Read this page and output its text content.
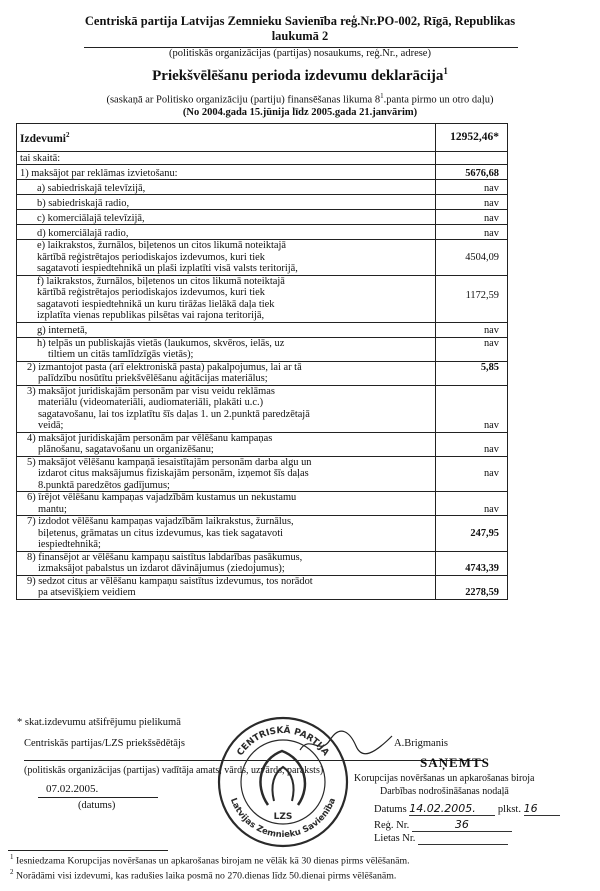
Centriskā partija Latvijas Zemnieku Savienība reģ.Nr.PO-002, Rīgā, Republikas
laukumā 2
(politiskās organizācijas (partijas) nosaukums, reģ.Nr., adrese)
Priekšvēlēšanu perioda izdevumu deklarācija$^1$
(saskaņā ar Politisko organizāciju (partiju) finansēšanas likuma $8^1.panta$ pirmo un otro daļu)
(No 2004.gada 15.jūnija līdz 2005.gada 21.janvārim)
Izdevumi$^2$	12952,46*
tai skaitā:	
1) maksājot par reklāmas izvietošanu:	5676,68
a) sabiedriskajā televīzijā,	nav
b) sabiedriskajā radio,	nav
c) komerciālajā televīzijā,	nav
d) komerciālajā radio,	nav

e) laikrakstos, žurnālos, biļetenos un citos likumā noteiktajā
kārtībā reģistrētajos periodiskajos izdevumos, kuri tiek
sagatavoti iespiedtehnikā un plaši izplatīti visā valsts teritorijā,	4504,09

f) laikrakstos, žurnālos, biļetenos un citos likumā noteiktajā
kārtībā reģistrētajos periodiskajos izdevumos, kuri tiek
sagatavoti iespiedtehnikā un kuru tirāžas lielākā daļa tiek
izplatīta vienas republikas pilsētas vai rajona teritorijā,	1172,59
g) internetā,	nav

h) telpās un publiskajās vietās (laukumos, skvēros, ielās, uz
tiltiem un citās tamlīdzīgās vietās);	nav

2) izmantojot pasta (arī elektroniskā pasta) pakalpojumus, lai ar tā
palīdzību nosūtītu priekšvēlēšanu aģitācijas materiālus;	5,85

3) maksājot juridiskajām personām par visu veidu reklāmas
materiālu (videomateriāli, audiomateriāli, plakāti u.c.)
sagatavošanu, lai tos izplatītu šīs daļas 1. un 2.punktā paredzētajā
veidā;	nav

4) maksājot juridiskajām personām par vēlēšanu kampaņas
plānošanu, sagatavošanu un organizēšanu;	nav

5) maksājot vēlēšanu kampaņā iesaistītajām personām darba algu un
izdarot citus maksājumus fiziskajām personām, izņemot šīs daļas
8.punktā paredzētos gadījumus;	nav

6) īrējot vēlēšanu kampaņas vajadzībām kustamus un nekustamu
mantu;	nav

7) izdodot vēlēšanu kampaņas vajadzībām laikrakstus, žurnālus,
biļetenus, grāmatas un citus izdevumus, kas tiek sagatavoti
iespiedtehnikā;	247,95

8) finansējot ar vēlēšanu kampaņu saistītus labdarības pasākumus,
izmaksājot pabalstus un izdarot dāvinājumus (ziedojumus);	4743,39

9) sedzot citus ar vēlēšanu kampaņu saistītus izdevumus, tos norādot
pa atsevišķiem veidiem	2278,59
* skat.izdevumu atšifrējumu pielikumā
Centriskās partijas/LZS priekšsēdētājs	A.Brigmanis
(politiskās organizācijas (partijas) vadītāja amats, vārds, uzvārds, paraksts)
07.02.2005.
(datums)
CENTRISKĀ PARTIJA
Latvijas Zemnieku Savienība
LZS
SAŅEMTS
Korupcijas novēršanas un apkarošanas biroja
Darbības nodrošināšanas nodaļā
Datums 14.02.2005. plkst. 16
Reģ. Nr.	36
Lietas Nr.
$^1$ Iesniedzama Korupcijas novēršanas un apkarošanas birojam ne vēlāk kā 30 dienas pirms vēlēšanām.
$^2$ Norādāmi visi izdevumi, kas radušies laika posmā no 270.dienas līdz 50.dienai pirms vēlēšanām.
